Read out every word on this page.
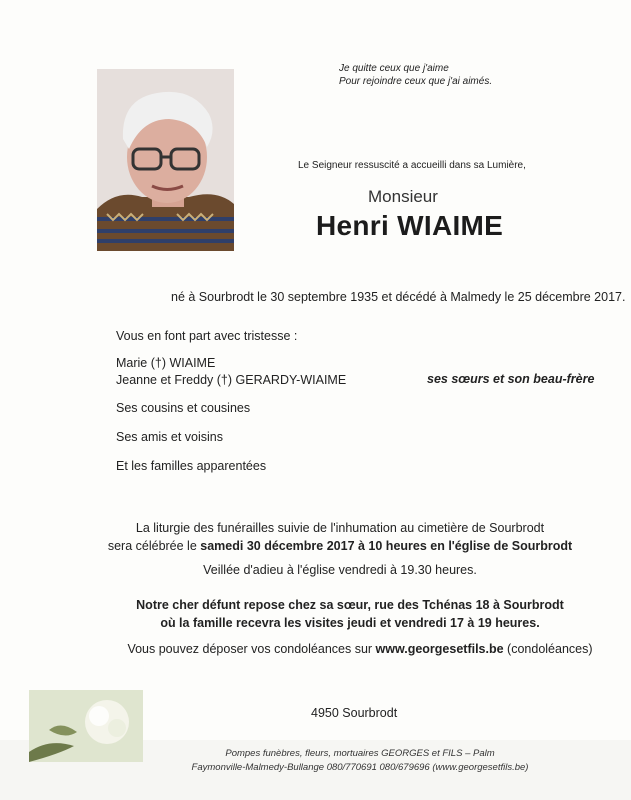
Je quitte ceux que j'aime
Pour rejoindre ceux que j'ai aimés.
Le Seigneur ressuscité a accueilli dans sa Lumière,
Monsieur
Henri WIAIME
né à Sourbrodt le 30 septembre 1935 et décédé à Malmedy le 25 décembre 2017.
Vous en font part avec tristesse :
Marie (†) WIAIME
Jeanne et Freddy (†) GERARDY-WIAIME	ses sœurs et son beau-frère
Ses cousins et cousines
Ses amis et voisins
Et les familles apparentées
La liturgie des funérailles suivie de l'inhumation au cimetière de Sourbrodt
sera célébrée le samedi 30 décembre 2017 à 10 heures en l'église de Sourbrodt
Veillée d'adieu à l'église vendredi à 19.30 heures.
Notre cher défunt repose chez sa sœur, rue des Tchénas 18 à Sourbrodt
où la famille recevra les visites jeudi et vendredi 17 à 19 heures.
Vous pouvez déposer vos condoléances sur www.georgesetfils.be (condoléances)
4950 Sourbrodt
Pompes funèbres, fleurs, mortuaires GEORGES et FILS – Palm
Faymonville-Malmedy-Bullange 080/770691 080/679696 (www.georgesetfils.be)
